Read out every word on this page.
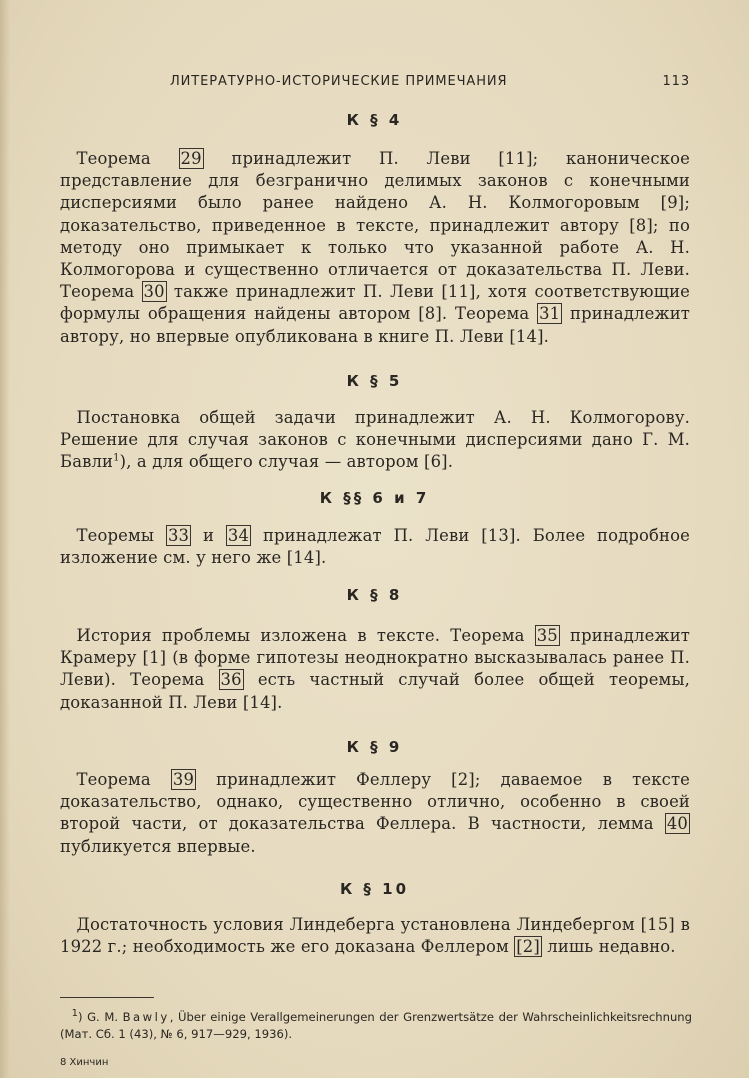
ЛИТЕРАТУРНО-ИСТОРИЧЕСКИЕ ПРИМЕЧАНИЯ	113
К § 4
 Теорема 29 принадлежит П. Леви [11]; каноническое представление для безгранично делимых законов с конечными дисперсиями было ранее найдено А. Н. Колмогоровым [9]; доказательство, приведенное в тексте, принадлежит автору [8]; по методу оно примыкает к только что указанной работе А. Н. Колмогорова и существенно отличается от доказательства П. Леви. Теорема 30 также принадлежит П. Леви [11], хотя соответствующие формулы обращения найдены автором [8]. Теорема 31 принадлежит автору, но впервые опубликована в книге П. Леви [14].
К § 5
 Постановка общей задачи принадлежит А. Н. Колмогорову. Решение для случая законов с конечными дисперсиями дано Г. М. Бавли$^1$), а для общего случая — автором [6].
К §§ 6 и 7
 Теоремы 33 и 34 принадлежат П. Леви [13]. Более подробное изложение см. у него же [14].
К § 8
 История проблемы изложена в тексте. Теорема 35 принадлежит Крамеру [1] (в форме гипотезы неоднократно высказывалась ранее П. Леви). Теорема 36 есть частный случай более общей теоремы, доказанной П. Леви [14].
К § 9
 Теорема 39 принадлежит Феллеру [2]; даваемое в тексте доказательство, однако, существенно отлично, особенно в своей второй части, от доказательства Феллера. В частности, лемма 40 публикуется впервые.
К § 10
 Достаточность условия Линдеберга установлена Линдебергом [15] в 1922 г.; необходимость же его доказана Феллером [2] лишь недавно.
 $^1$) G. M. Bawly, Über einige Verallgemeinerungen der Grenzwertsätze der Wahrscheinlichkeitsrechnung (Мат. Сб. 1 (43), № 6, 917—929, 1936).
8 Хинчин
